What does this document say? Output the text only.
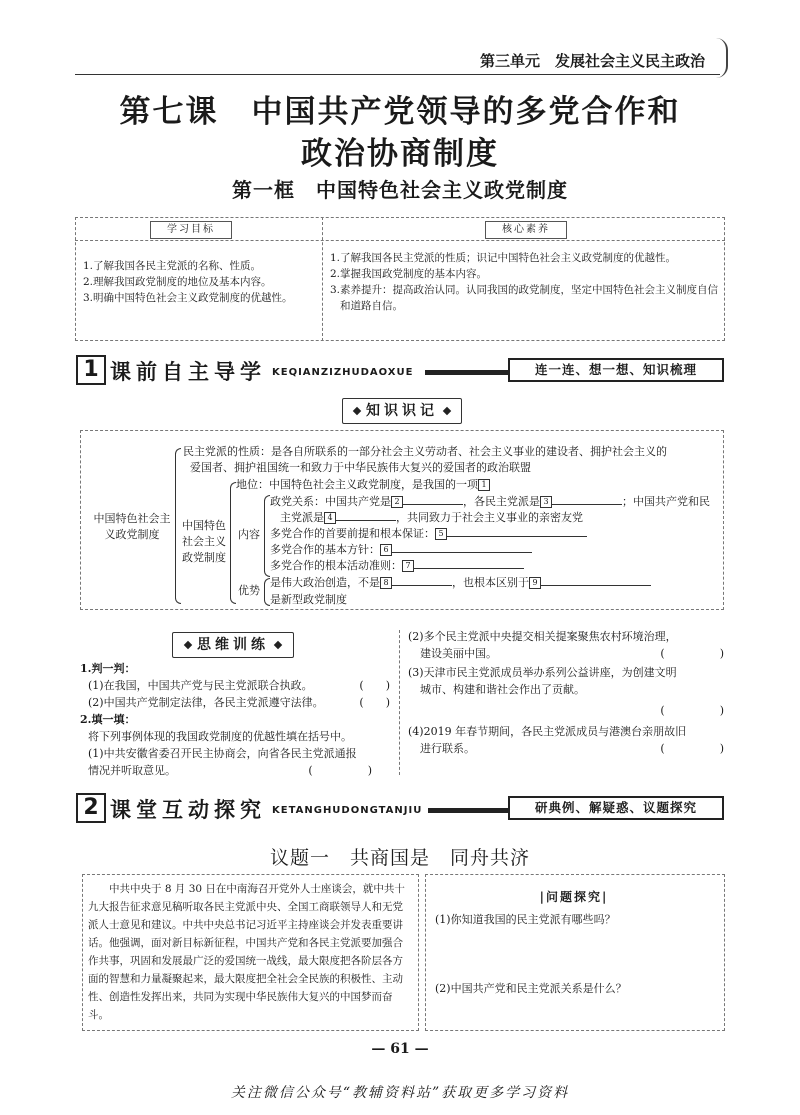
第三单元　发展社会主义民主政治
第七课　中国共产党领导的多党合作和
政治协商制度
第一框　中国特色社会主义政党制度
学习目标	核心素养
1.了解我国各民主党派的名称、性质。
2.理解我国政党制度的地位及基本内容。
3.明确中国特色社会主义政党制度的优越性。
1.了解我国各民主党派的性质；识记中国特色社会主义政党制度的优越性。
2.掌握我国政党制度的基本内容。
3.素养提升：提高政治认同。认同我国的政党制度，坚定中国特色社会主义制度自信和道路自信。
1 课前自主导学 KEQIANZIZHUDAOXUE	连一连、想一想、知识梳理
知识识记
中国特色社会主义政党制度
民主党派的性质：是各自所联系的一部分社会主义劳动者、社会主义事业的建设者、拥护社会主义的
爱国者、拥护祖国统一和致力于中华民族伟大复兴的爱国者的政治联盟
中国特色社会主义政党制度
地位：中国特色社会主义政党制度，是我国的一项 1
内容
政党关系：中国共产党是 2	，各民主党派是 3	；中国共产党和民
主党派是 4	，共同致力于社会主义事业的亲密友党
多党合作的首要前提和根本保证： 5
多党合作的基本方针： 6
多党合作的根本活动准则： 7
优势
是伟大政治创造，不是 8	，也根本区别于 9
是新型政党制度
思维训练
1.判一判：
(1)在我国，中国共产党与民主党派联合执政。	(　　)
(2)中国共产党制定法律，各民主党派遵守法律。	(　　)
2.填一填：
将下列事例体现的我国政党制度的优越性填在括号中。
(1)中共安徽省委召开民主协商会，向省各民主党派通报
情况并听取意见。	(　　　　　)
(2)多个民主党派中央提交相关提案聚焦农村环境治理，
建设美丽中国。	(　　　　　)
(3)天津市民主党派成员举办系列公益讲座，为创建文明
城市、构建和谐社会作出了贡献。
(　　　　　)
(4)2019 年春节期间，各民主党派成员与港澳台亲朋故旧
进行联系。	(　　　　　)
2 课堂互动探究 KETANGHUDONGTANJIU	研典例、解疑惑、议题探究
议题一　共商国是　同舟共济

中共中央于 8 月 30 日在中南海召开党外人士座谈会，就中共十九大报告征求意见稿听取各民主党派中央、全国工商联领导人和无党派人士意见和建议。中共中央总书记习近平主持座谈会并发表重要讲话。他强调，面对新目标新征程，中国共产党和各民主党派要加强合作共事，巩固和发展最广泛的爱国统一战线，最大限度把各阶层各方面的智慧和力量凝聚起来，最大限度把全社会全民族的积极性、主动性、创造性发挥出来，共同为实现中华民族伟大复兴的中国梦而奋斗。

|问题探究|
(1)你知道我国的民主党派有哪些吗？
(2)中国共产党和民主党派关系是什么？
— 61 —
关注微信公众号“教辅资料站”获取更多学习资料
